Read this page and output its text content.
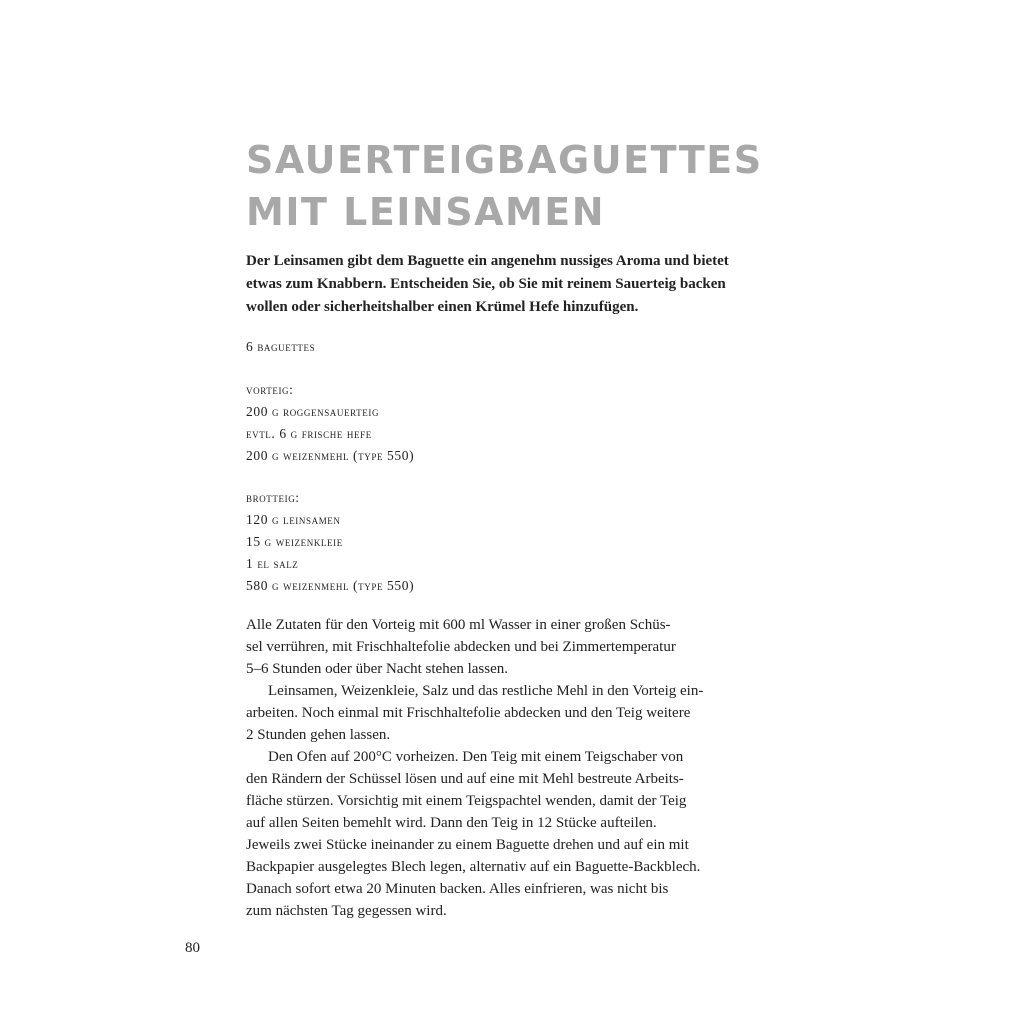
SAUERTEIGBAGUETTES
MIT LEINSAMEN

Der Leinsamen gibt dem Baguette ein angenehm nussiges Aroma und bietet
etwas zum Knabbern. Entscheiden Sie, ob Sie mit reinem Sauerteig backen
wollen oder sicherheitshalber einen Krümel Hefe hinzufügen.

6 baguettes
vorteig:
200 g roggensauerteig
evtl. 6 g frische hefe
200 g weizenmehl (type 550)
brotteig:
120 g leinsamen
15 g weizenkleie
1 el salz
580 g weizenmehl (type 550)
Alle Zutaten für den Vorteig mit 600 ml Wasser in einer großen Schüs-
sel verrühren, mit Frischhaltefolie abdecken und bei Zimmertemperatur
5–6 Stunden oder über Nacht stehen lassen.
Leinsamen, Weizenkleie, Salz und das restliche Mehl in den Vorteig ein-
arbeiten. Noch einmal mit Frischhaltefolie abdecken und den Teig weitere
2 Stunden gehen lassen.
Den Ofen auf 200°C vorheizen. Den Teig mit einem Teigschaber von
den Rändern der Schüssel lösen und auf eine mit Mehl bestreute Arbeits-
fläche stürzen. Vorsichtig mit einem Teigspachtel wenden, damit der Teig
auf allen Seiten bemehlt wird. Dann den Teig in 12 Stücke aufteilen.
Jeweils zwei Stücke ineinander zu einem Baguette drehen und auf ein mit
Backpapier ausgelegtes Blech legen, alternativ auf ein Baguette-Backblech.
Danach sofort etwa 20 Minuten backen. Alles einfrieren, was nicht bis
zum nächsten Tag gegessen wird.
80
